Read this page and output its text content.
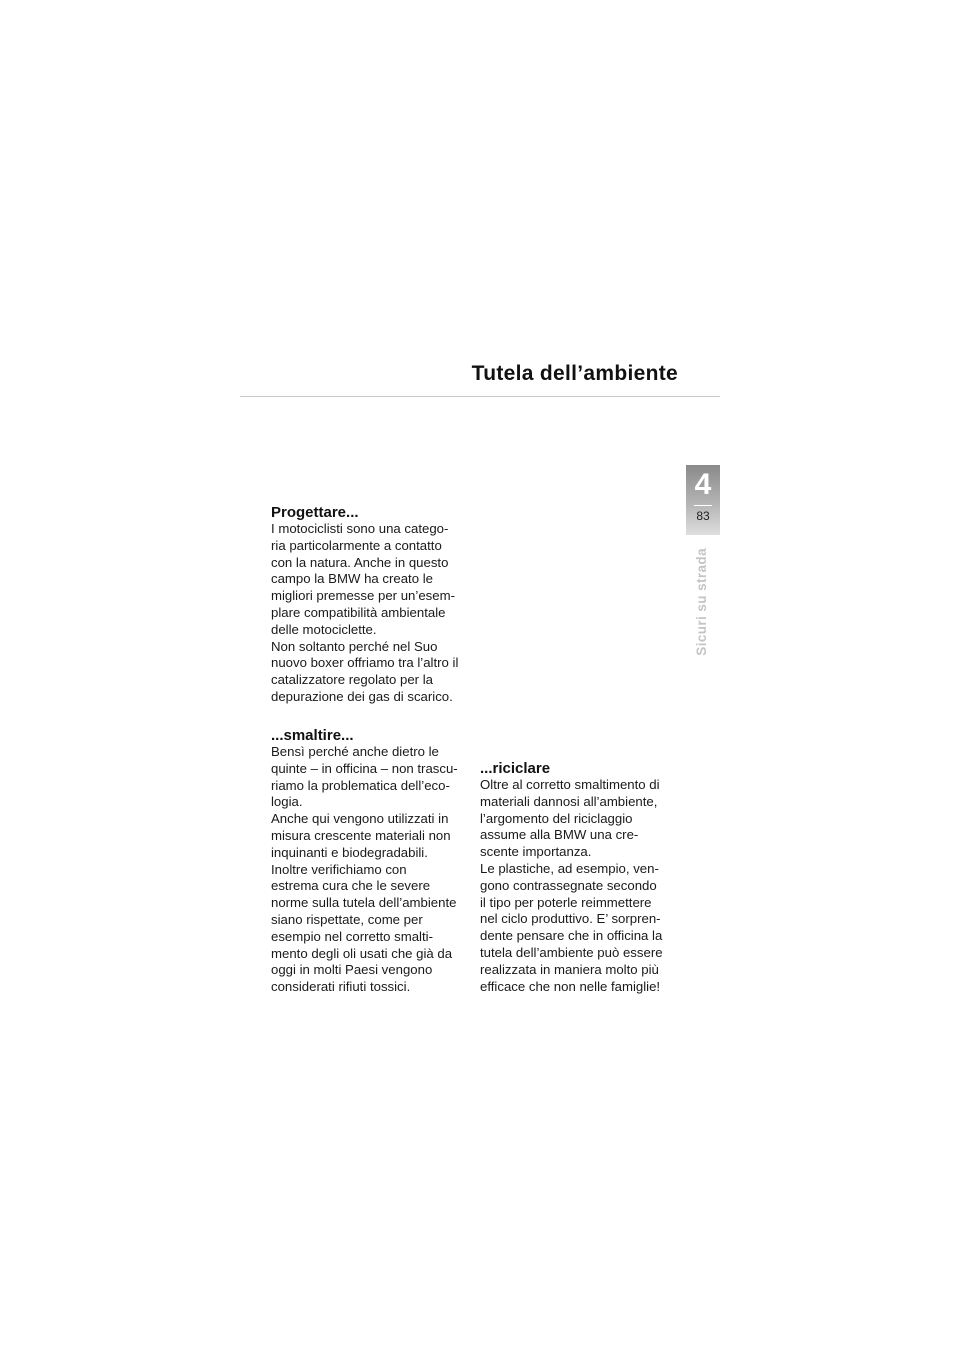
Tutela dell’ambiente
4
83
Sicuri su strada
Progettare...

I motociclisti sono una catego-
ria particolarmente a contatto
con la natura. Anche in questo
campo la BMW ha creato le
migliori premesse per un’esem-
plare compatibilità ambientale
delle motociclette.
Non soltanto perché nel Suo
nuovo boxer offriamo tra l’altro il
catalizzatore regolato per la
depurazione dei gas di scarico.

...smaltire...

Bensì perché anche dietro le
quinte – in officina – non trascu-
riamo la problematica dell’eco-
logia.
Anche qui vengono utilizzati in
misura crescente materiali non
inquinanti e biodegradabili.
Inoltre verifichiamo con
estrema cura che le severe
norme sulla tutela dell’ambiente
siano rispettate, come per
esempio nel corretto smalti-
mento degli oli usati che già da
oggi in molti Paesi vengono
considerati rifiuti tossici.

...riciclare

Oltre al corretto smaltimento di
materiali dannosi all’ambiente,
l’argomento del riciclaggio
assume alla BMW una cre-
scente importanza.
Le plastiche, ad esempio, ven-
gono contrassegnate secondo
il tipo per poterle reimmettere
nel ciclo produttivo. E’ sorpren-
dente pensare che in officina la
tutela dell’ambiente può essere
realizzata in maniera molto più
efficace che non nelle famiglie!
